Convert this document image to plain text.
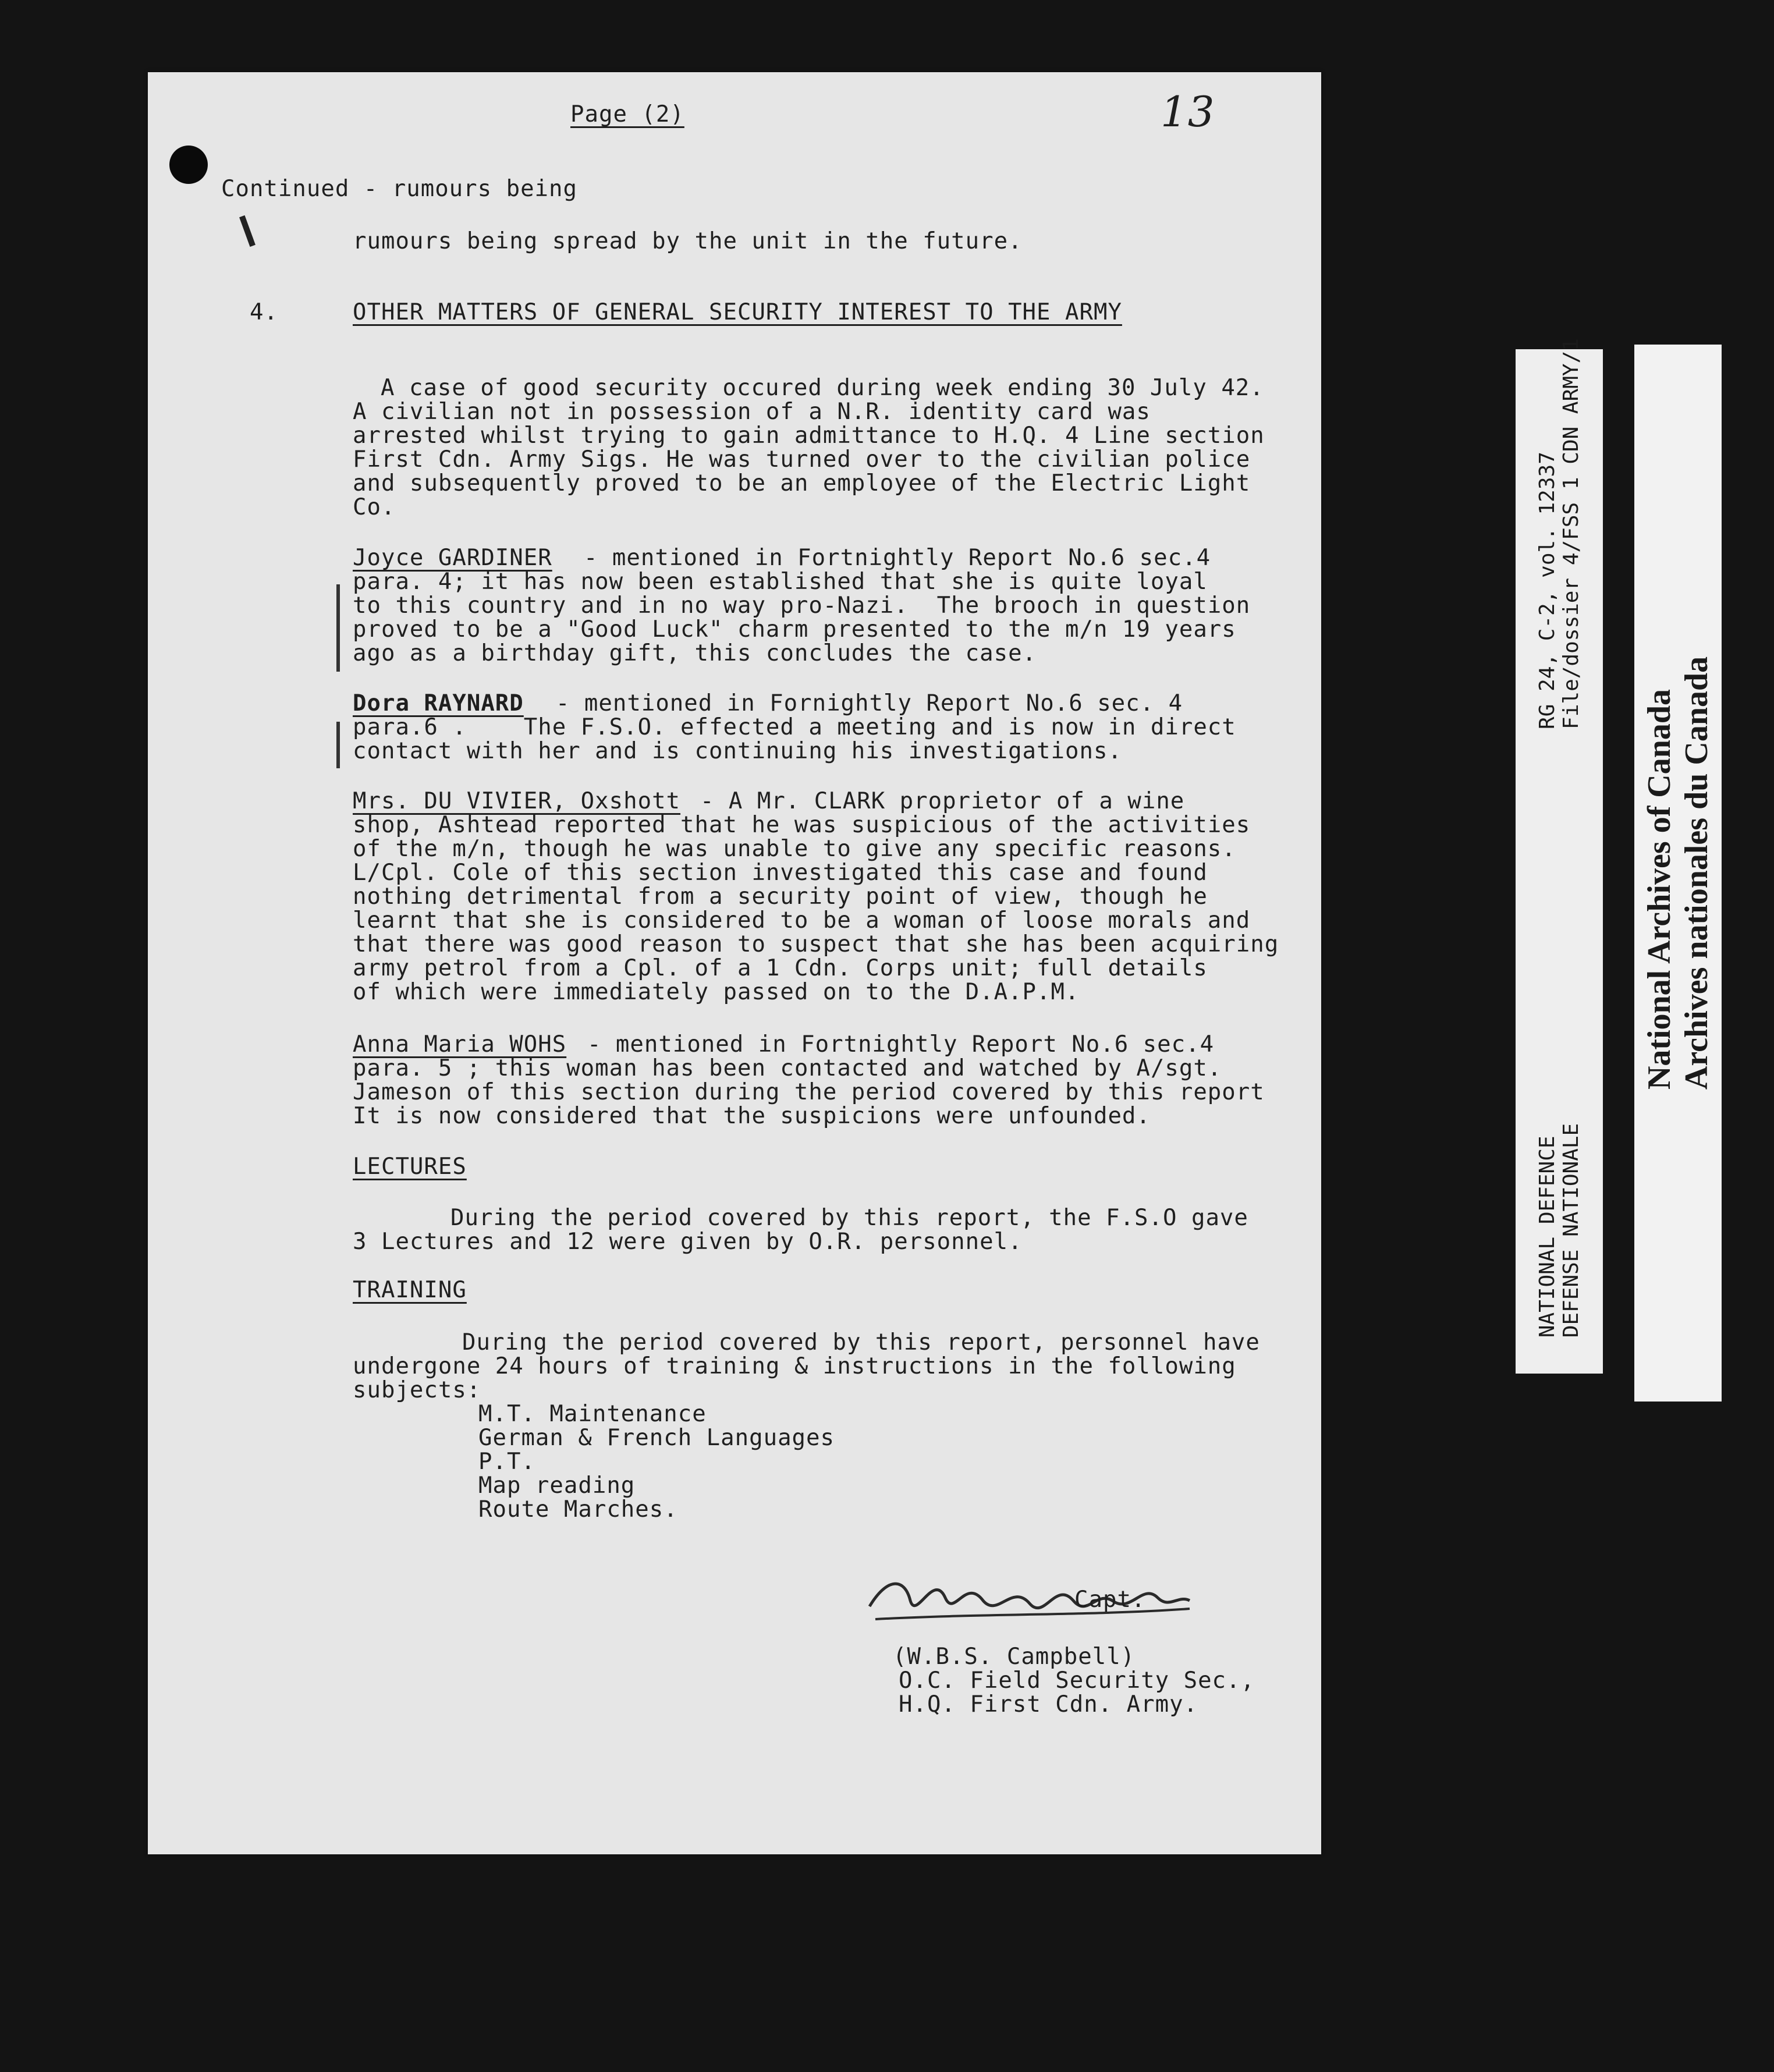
Page (2)	13
Continued - rumours being
rumours being spread by the unit in the future.
4.	OTHER MATTERS OF GENERAL SECURITY INTEREST TO THE ARMY
A case of good security occured during week ending 30 July 42.
A civilian not in possession of a N.R. identity card was
arrested whilst trying to gain admittance to H.Q. 4 Line section
First Cdn. Army Sigs. He was turned over to the civilian police
and subsequently proved to be an employee of the Electric Light
Co.
Joyce GARDINER - mentioned in Fortnightly Report No.6 sec.4
para. 4; it has now been established that she is quite loyal
to this country and in no way pro-Nazi.  The brooch in question
proved to be a "Good Luck" charm presented to the m/n 19 years
ago as a birthday gift, this concludes the case.
Dora RAYNARD - mentioned in Fornightly Report No.6 sec. 4
para.6 .    The F.S.O. effected a meeting and is now in direct
contact with her and is continuing his investigations.
Mrs. DU VIVIER, Oxshott
- A Mr. CLARK proprietor of a wine
shop, Ashtead reported that he was suspicious of the activities
of the m/n, though he was unable to give any specific reasons.
L/Cpl. Cole of this section investigated this case and found
nothing detrimental from a security point of view, though he
learnt that she is considered to be a woman of loose morals and
that there was good reason to suspect that she has been acquiring
army petrol from a Cpl. of a 1 Cdn. Corps unit; full details
of which were immediately passed on to the D.A.P.M.
Anna Maria WOHS
- mentioned in Fortnightly Report No.6 sec.4
para. 5 ; this woman has been contacted and watched by A/sgt.
Jameson of this section during the period covered by this report
It is now considered that the suspicions were unfounded.
LECTURES
During the period covered by this report, the F.S.O gave
3 Lectures and 12 were given by O.R. personnel.
TRAINING
During the period covered by this report, personnel have
undergone 24 hours of training & instructions in the following
subjects:
M.T. Maintenance
German & French Languages
P.T.
Map reading
Route Marches.
Capt.
(W.B.S. Campbell)
O.C. Field Security Sec.,
H.Q. First Cdn. Army.
RG 24, C-2, vol. 12337 File/dossier 4/FSS 1 CDN ARMY/1
NATIONAL DEFENCE DEFENSE NATIONALE
National Archives of Canada Archives nationales du Canada
